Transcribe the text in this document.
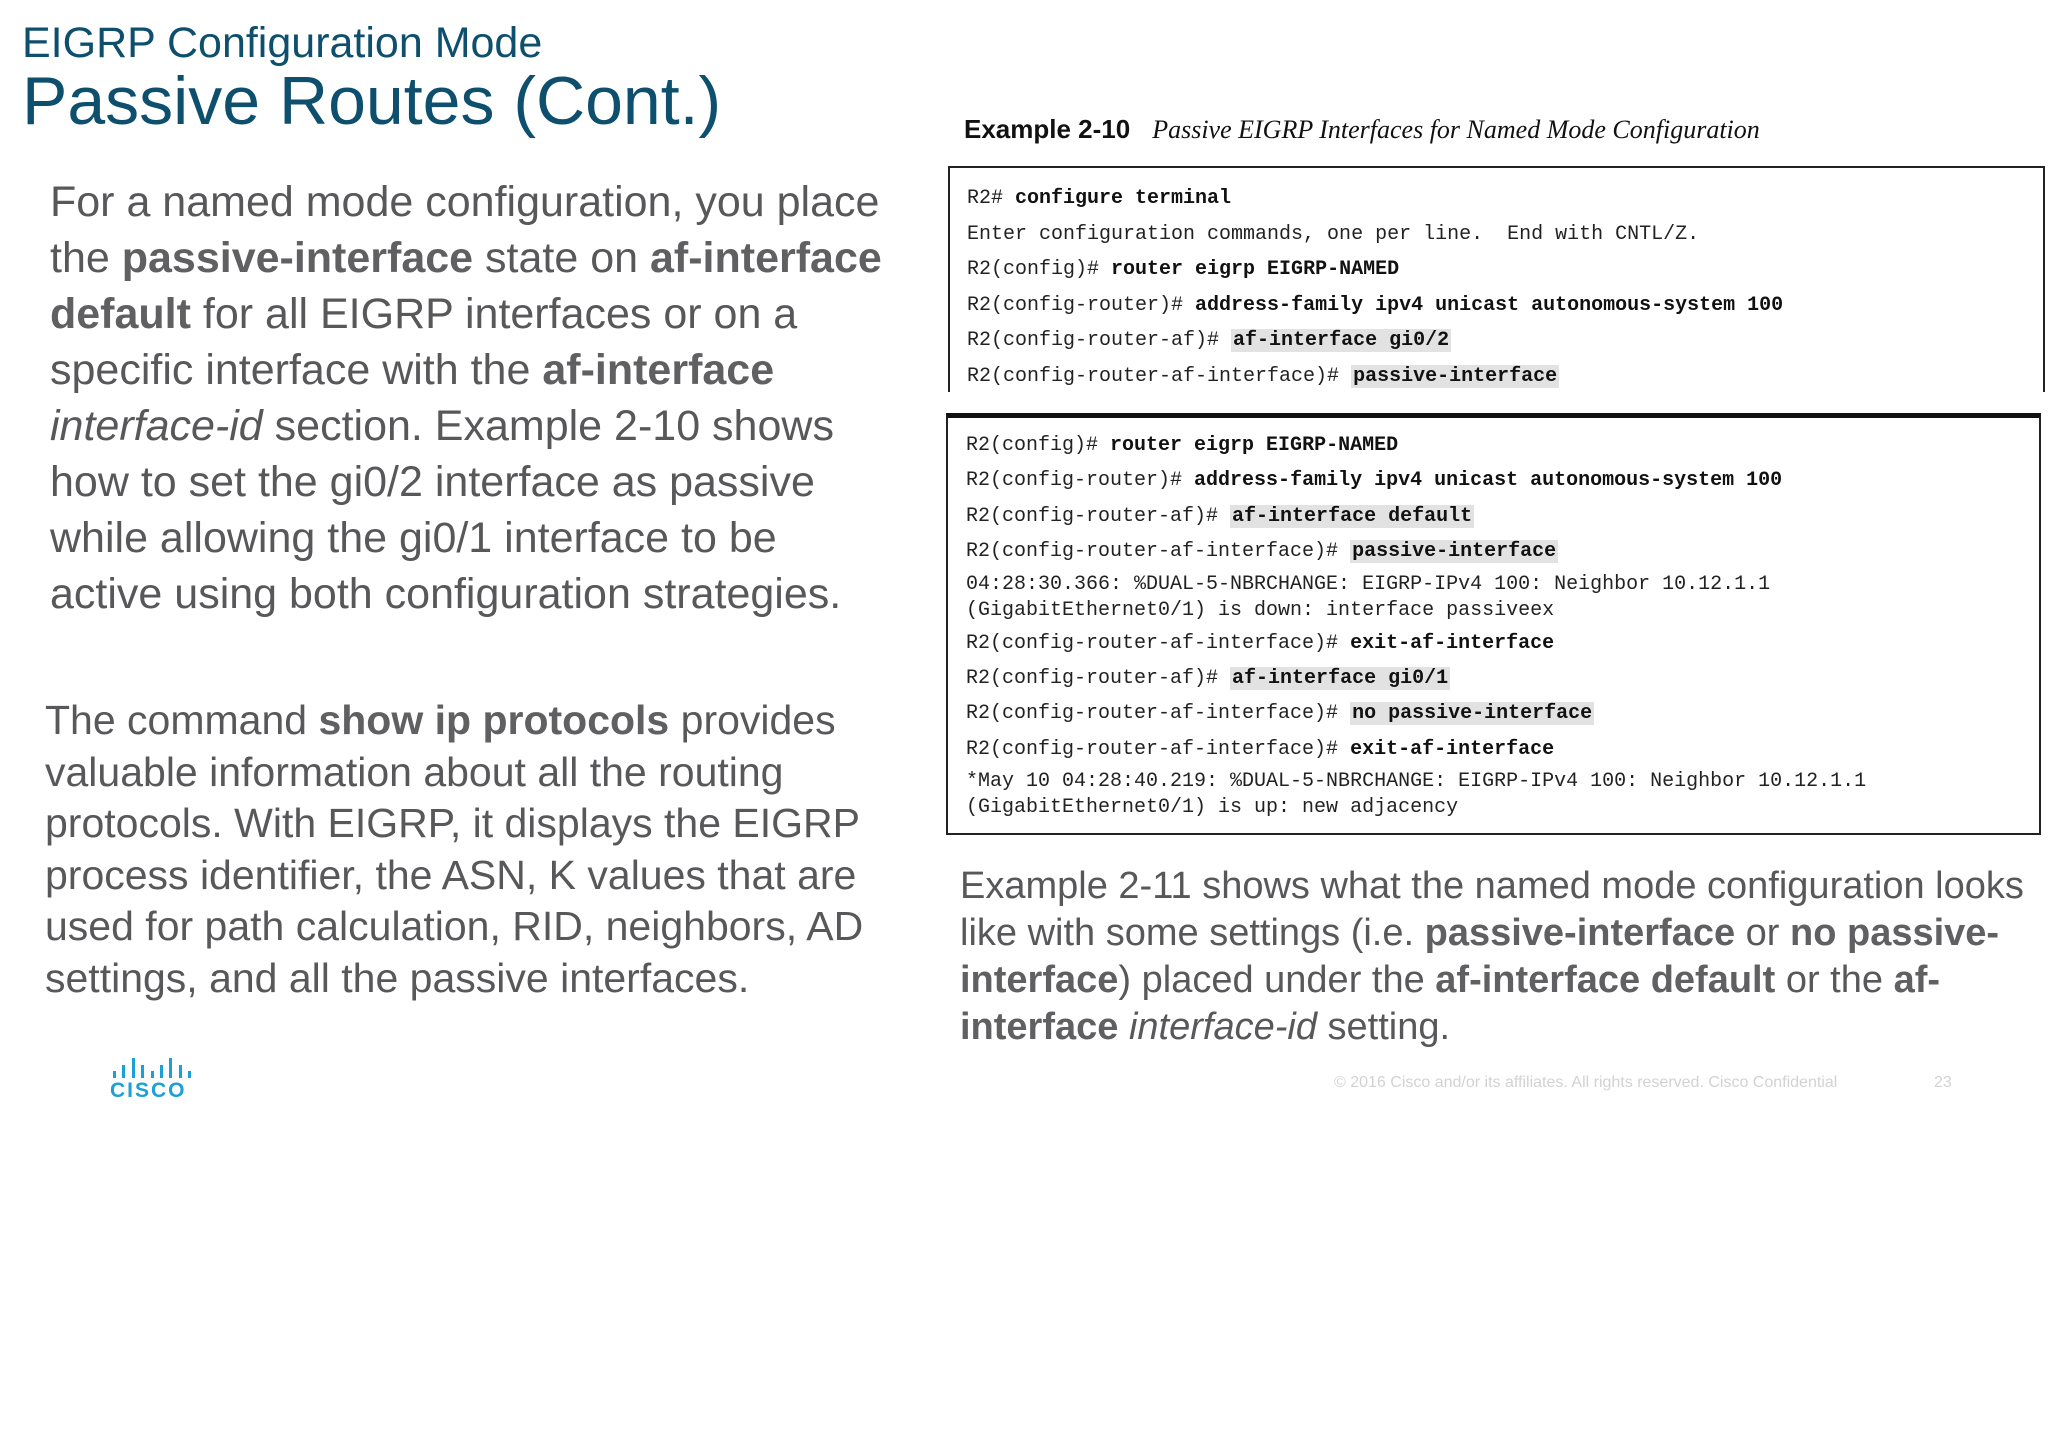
EIGRP Configuration Mode
Passive Routes (Cont.)
For a named mode configuration, you place the passive-interface state on af-interface default for all EIGRP interfaces or on a specific interface with the af-interface interface-id section. Example 2-10 shows how to set the gi0/2 interface as passive while allowing the gi0/1 interface to be active using both configuration strategies.
The command show ip protocols provides valuable information about all the routing protocols. With EIGRP, it displays the EIGRP process identifier, the ASN, K values that are used for path calculation, RID, neighbors, AD settings, and all the passive interfaces.
Example 2-10 Passive EIGRP Interfaces for Named Mode Configuration
R2# configure terminal
Enter configuration commands, one per line.  End with CNTL/Z.
R2(config)# router eigrp EIGRP-NAMED
R2(config-router)# address-family ipv4 unicast autonomous-system 100
R2(config-router-af)# af-interface gi0/2
R2(config-router-af-interface)# passive-interface
R2(config)# router eigrp EIGRP-NAMED
R2(config-router)# address-family ipv4 unicast autonomous-system 100
R2(config-router-af)# af-interface default
R2(config-router-af-interface)# passive-interface
04:28:30.366: %DUAL-5-NBRCHANGE: EIGRP-IPv4 100: Neighbor 10.12.1.1
(GigabitEthernet0/1) is down: interface passiveex
R2(config-router-af-interface)# exit-af-interface
R2(config-router-af)# af-interface gi0/1
R2(config-router-af-interface)# no passive-interface
R2(config-router-af-interface)# exit-af-interface
*May 10 04:28:40.219: %DUAL-5-NBRCHANGE: EIGRP-IPv4 100: Neighbor 10.12.1.1
(GigabitEthernet0/1) is up: new adjacency
Example 2-11 shows what the named mode configuration looks like with some settings (i.e. passive-interface or no passive-interface) placed under the af-interface default or the af-interface interface-id setting.
CISCO	© 2016 Cisco and/or its affiliates. All rights reserved. Cisco Confidential	23
